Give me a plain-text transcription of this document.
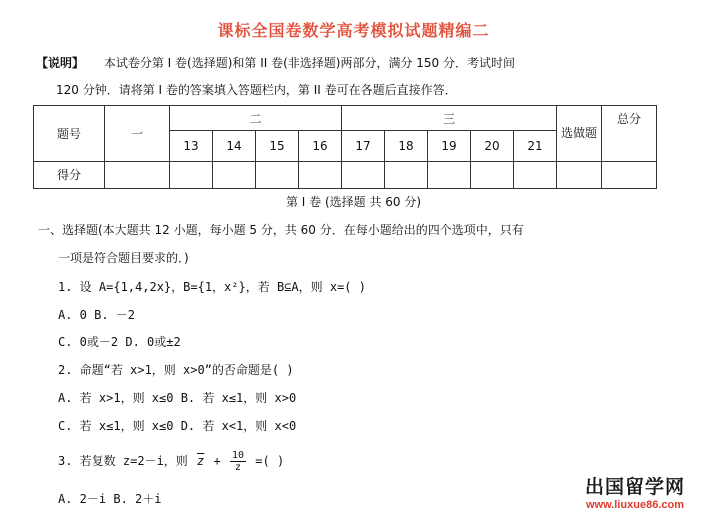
课标全国卷数学高考模拟试题精编二
【说明】 本试卷分第 I 卷(选择题)和第 II 卷(非选择题)两部分，满分 150 分．考试时间
120 分钟．请将第 I 卷的答案填入答题栏内，第 II 卷可在各题后直接作答．
题号	一	二				三					选做题	总分
		13	14	15	16	17	18	19	20	21		
得分												
第 I 卷 (选择题 共 60 分)
一、选择题(本大题共 12 小题，每小题 5 分，共 60 分．在每小题给出的四个选项中，只有
一项是符合题目要求的．)
1. 设 A={1,4,2x}，B={1，x²}，若 B⊆A，则 x=( )
A. 0 B. －2
C. 0或－2 D. 0或±2
2. 命题“若 x>1，则 x>0”的否命题是( )
A. 若 x>1，则 x≤0 B. 若 x≤1，则 x>0
C. 若 x≤1，则 x≤0 D. 若 x<1，则 x<0
3. 若复数 z=2－i，则 $\overline{z} + \frac{10}{z}$ =( )
A. 2－i B. 2＋i
出国留学网
www.liuxue86.com
